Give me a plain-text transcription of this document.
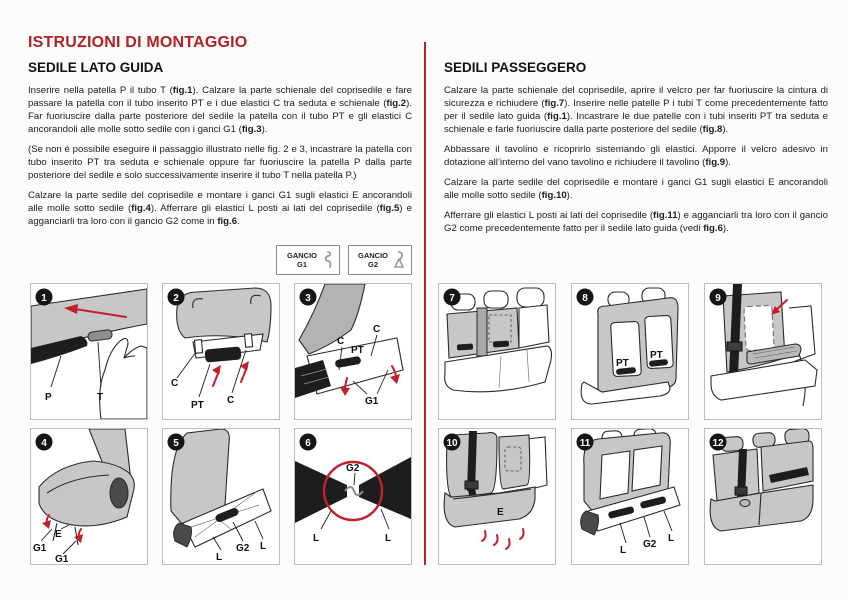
ISTRUZIONI DI MONTAGGIO
SEDILE LATO GUIDA

Inserire nella patella P il tubo T (fig.1). Calzare la parte schienale del coprisedile e fare passare la patella con il tubo inserito PT e i due elastici C tra seduta e schienale (fig.2). Far fuoriuscire dalla parte posteriore del sedile la patella con il tubo PT e gli elastici C ancorandoli alle molle sotto sedile con i ganci G1 (fig.3).

(Se non è possibile eseguire il passaggio illustrato nelle fig. 2 e 3, incastrare la patella con tubo inserito PT tra seduta e schienale oppure far fuoriuscire la patella P dalla parte posteriore del sedile e solo successivamente inserire il tubo T nella patella P.)

Calzare la parte sedile del coprisedile e montare i ganci G1 sugli elastici E ancorandoli alle molle sotto sedile (fig.4). Afferrare gli elastici L posti ai lati del coprisedile (fig.5) e agganciarli tra loro con il gancio G2 come in fig.6.

GANCIO
G1
GANCIO
G2
SEDILI PASSEGGERO

Calzare la parte schienale del coprisedile, aprire il velcro per far fuoriuscire la cintura di sicurezza e richiudere (fig.7). Inserire nelle patelle P i tubi T come precedentemente fatto per il sedile lato guida (fig.1). Incastrare le due patelle con i tubi inseriti PT tra seduta e schienale e farle fuoriuscire dalla parte posteriore del sedile (fig.8).

Abbassare il tavolino e ricoprirlo sistemando gli elastici. Apporre il velcro adesivo in dotazione all’interno del vano tavolino e richiudere il tavolino (fig.9).

Calzare la parte sedile del coprisedile e montare i ganci G1 sugli elastici E ancorandoli alle molle sotto sedile (fig.10).

Afferrare gli elastici L posti ai lati del coprisedile (fig.11) e agganciarli tra loro con il gancio G2 come precedentemente fatto per il sedile lato guida (vedi fig.6).

1
P	T
2
C
PT C
3
C
C
PT
G1
4
G1
E
G1
5
L
G2 L
6
G2
L	L
7	8
PT
PT
9
10
E
11
L
G2
L
12
